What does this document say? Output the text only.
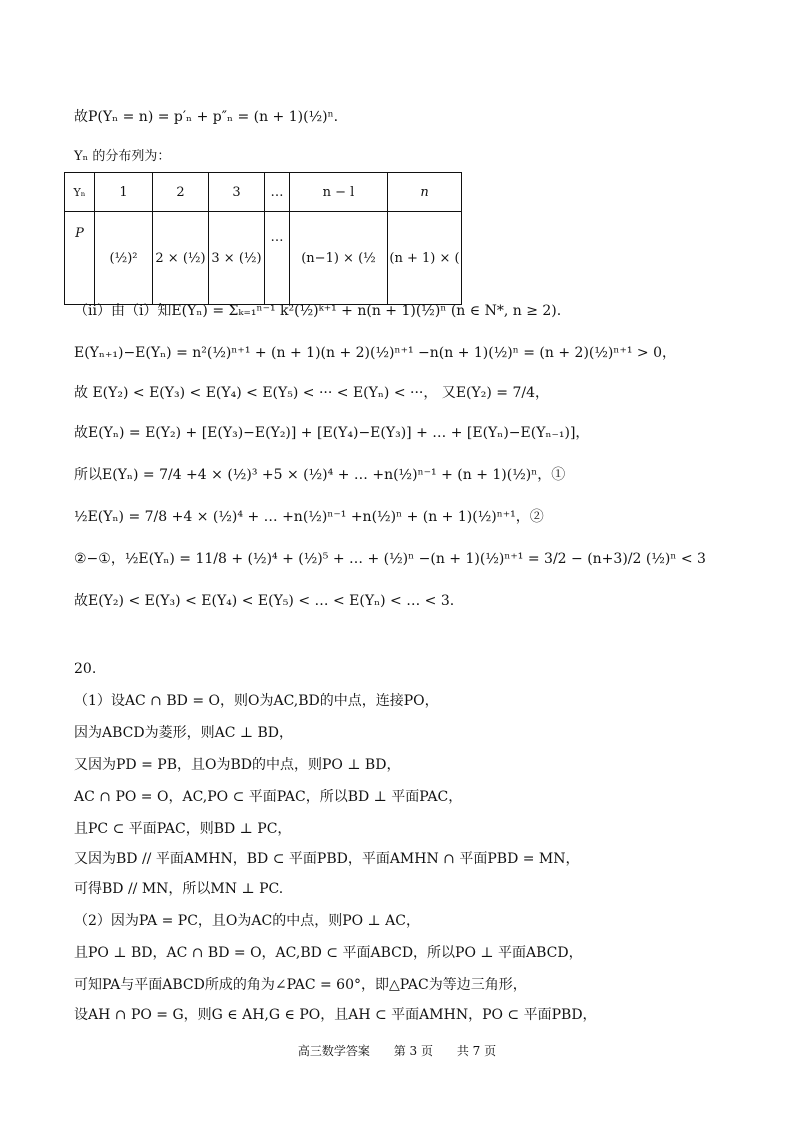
故P(Yₙ = n) = p′ₙ + p″ₙ = (n + 1)(½)ⁿ.
Yₙ 的分布列为：
Yₙ	1	2	3	…	n − l	n
P	(½)²	2 × (½)	3 × (½)	…	(n−1) × (½	(n + 1) × (
（ii）由（i）知E(Yₙ) = Σₖ₌₁ⁿ⁻¹ k²(½)ᵏ⁺¹ + n(n + 1)(½)ⁿ (n ∈ N*, n ≥ 2).
E(Yₙ₊₁)−E(Yₙ) = n²(½)ⁿ⁺¹ + (n + 1)(n + 2)(½)ⁿ⁺¹ −n(n + 1)(½)ⁿ = (n + 2)(½)ⁿ⁺¹ > 0，
故 E(Y₂) < E(Y₃) < E(Y₄) < E(Y₅) < ··· < E(Yₙ) < ···， 又E(Y₂) = 7/4，
故E(Yₙ) = E(Y₂) + [E(Y₃)−E(Y₂)] + [E(Y₄)−E(Y₃)] + … + [E(Yₙ)−E(Yₙ₋₁)]，
所以E(Yₙ) = 7/4 +4 × (½)³ +5 × (½)⁴ + … +n(½)ⁿ⁻¹ + (n + 1)(½)ⁿ，①
½E(Yₙ) = 7/8 +4 × (½)⁴ + … +n(½)ⁿ⁻¹ +n(½)ⁿ + (n + 1)(½)ⁿ⁺¹，②
②−①，½E(Yₙ) = 11/8 + (½)⁴ + (½)⁵ + … + (½)ⁿ −(n + 1)(½)ⁿ⁺¹ = 3/2 − (n+3)/2 (½)ⁿ < 3
故E(Y₂) < E(Y₃) < E(Y₄) < E(Y₅) < … < E(Yₙ) < … < 3.
20.
（1）设AC ∩ BD = O，则O为AC,BD的中点，连接PO，
因为ABCD为菱形，则AC ⊥ BD，
又因为PD = PB，且O为BD的中点，则PO ⊥ BD，
AC ∩ PO = O，AC,PO ⊂ 平面PAC，所以BD ⊥ 平面PAC，
且PC ⊂ 平面PAC，则BD ⊥ PC，
又因为BD // 平面AMHN，BD ⊂ 平面PBD，平面AMHN ∩ 平面PBD = MN，
可得BD // MN，所以MN ⊥ PC.
（2）因为PA = PC，且O为AC的中点，则PO ⊥ AC，
且PO ⊥ BD，AC ∩ BD = O，AC,BD ⊂ 平面ABCD，所以PO ⊥ 平面ABCD，
可知PA与平面ABCD所成的角为∠PAC = 60°，即△PAC为等边三角形，
设AH ∩ PO = G，则G ∈ AH,G ∈ PO，且AH ⊂ 平面AMHN，PO ⊂ 平面PBD，
高三数学答案 第 3 页 共 7 页
